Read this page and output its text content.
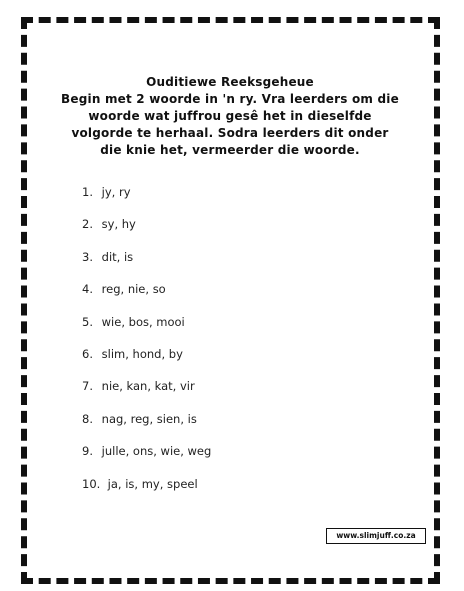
Ouditiewe Reeksgeheue
Begin met 2 woorde in 'n ry. Vra leerders om die woorde wat juffrou gesê het in dieselfde volgorde te herhaal. Sodra leerders dit onder die knie het, vermeerder die woorde.
1. jy, ry
2. sy, hy
3. dit, is
4. reg, nie, so
5. wie, bos, mooi
6. slim, hond, by
7. nie, kan, kat, vir
8. nag, reg, sien, is
9. julle, ons, wie, weg
10. ja, is, my, speel
www.slimjuff.co.za
